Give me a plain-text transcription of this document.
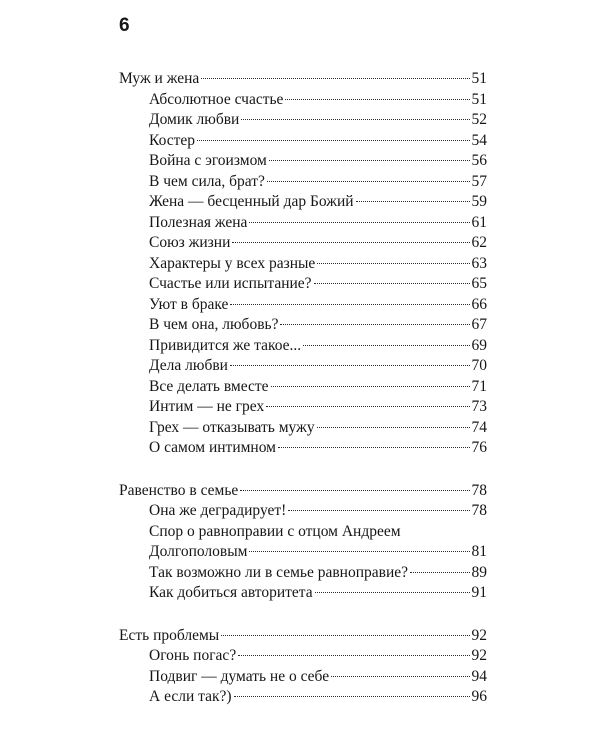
6
Муж и жена	51
Абсолютное счастье	51
Домик любви	52
Костер	54
Война с эгоизмом	56
В чем сила, брат?	57
Жена — бесценный дар Божий	59
Полезная жена	61
Союз жизни	62
Характеры у всех разные	63
Счастье или испытание?	65
Уют в браке	66
В чем она, любовь?	67
Привидится же такое...	69
Дела любви	70
Все делать вместе	71
Интим — не грех	73
Грех — отказывать мужу	74
О самом интимном	76
Равенство в семье	78
Она же деградирует!	78
Спор о равноправии с отцом Андреем
Долгополовым	81
Так возможно ли в семье равноправие?	89
Как добиться авторитета	91
Есть проблемы	92
Огонь погас?	92
Подвиг — думать не о себе	94
А если так?)	96
